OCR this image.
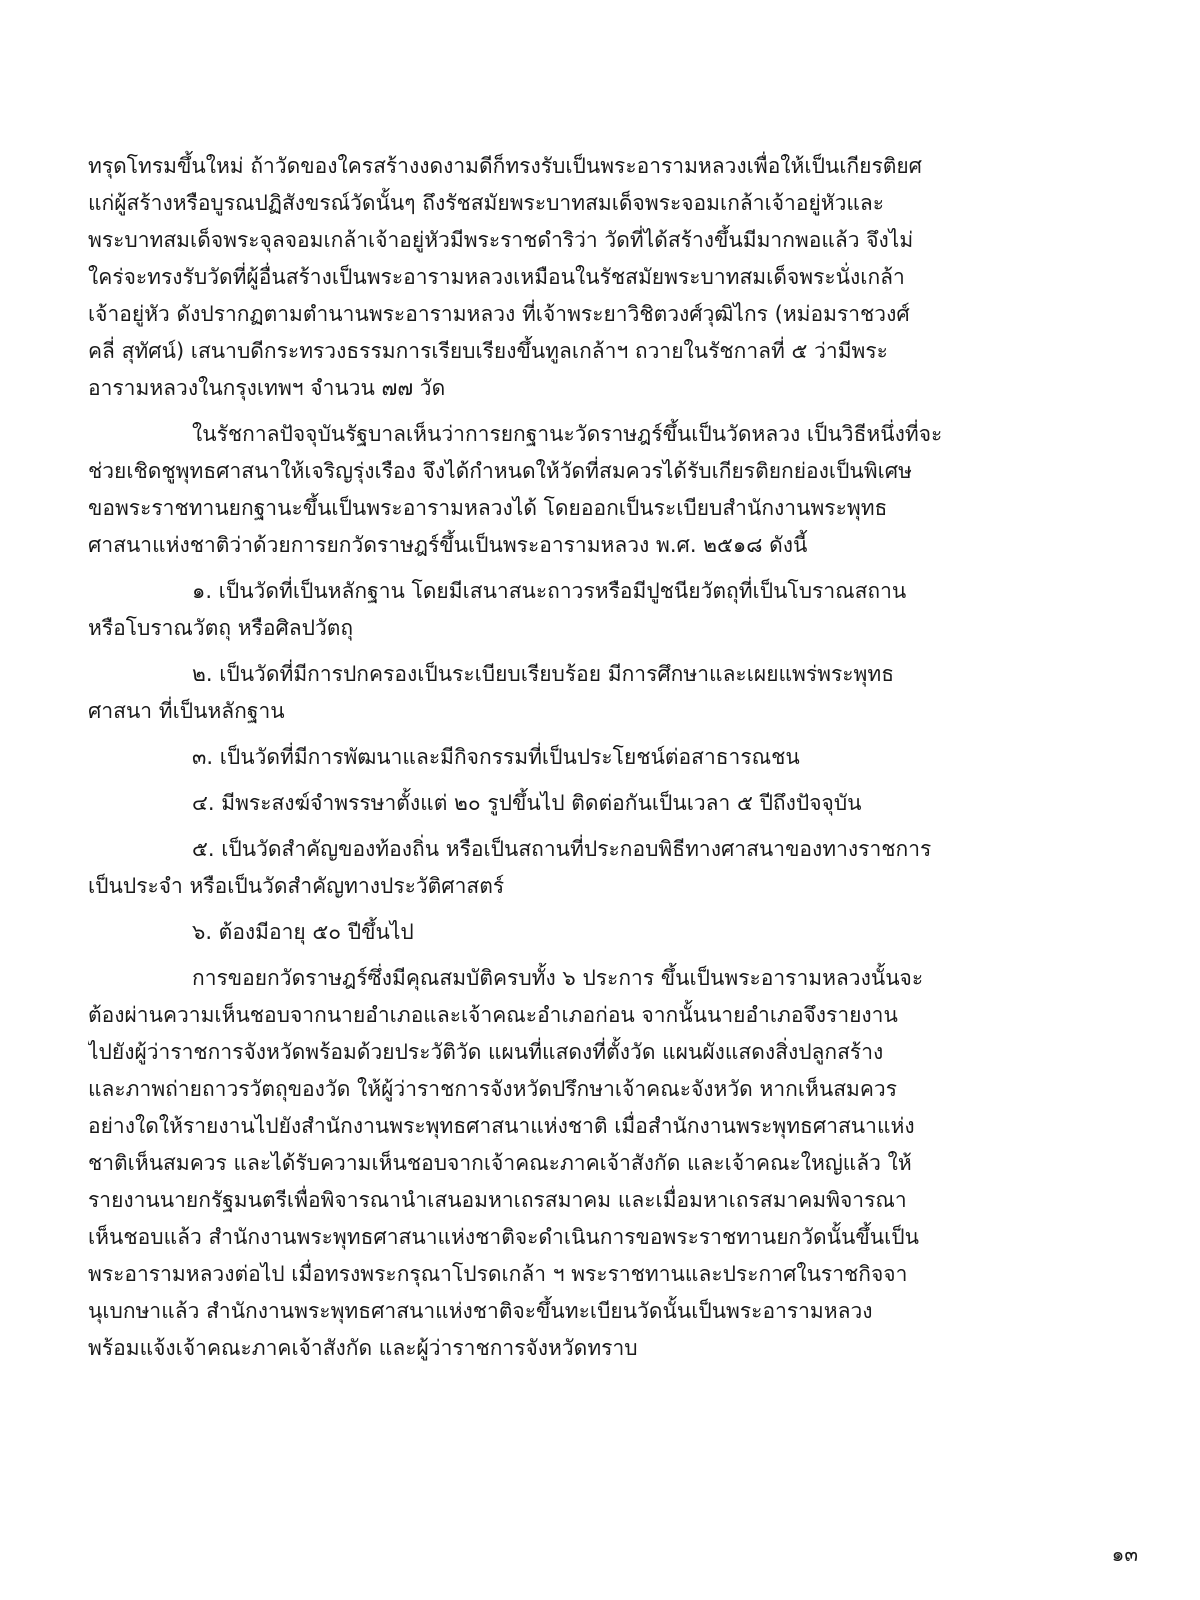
ทรุดโทรมขึ้นใหม่ ถ้าวัดของใครสร้างงดงามดีก็ทรงรับเป็นพระอารามหลวงเพื่อให้เป็นเกียรติยศ
แก่ผู้สร้างหรือบูรณปฏิสังขรณ์วัดนั้นๆ ถึงรัชสมัยพระบาทสมเด็จพระจอมเกล้าเจ้าอยู่หัวและ
พระบาทสมเด็จพระจุลจอมเกล้าเจ้าอยู่หัวมีพระราชดำริว่า วัดที่ได้สร้างขึ้นมีมากพอแล้ว จึงไม่
ใคร่จะทรงรับวัดที่ผู้อื่นสร้างเป็นพระอารามหลวงเหมือนในรัชสมัยพระบาทสมเด็จพระนั่งเกล้า
เจ้าอยู่หัว ดังปรากฏตามตำนานพระอารามหลวง ที่เจ้าพระยาวิชิตวงศ์วุฒิไกร (หม่อมราชวงศ์
คลี่ สุทัศน์) เสนาบดีกระทรวงธรรมการเรียบเรียงขึ้นทูลเกล้าฯ ถวายในรัชกาลที่ ๕ ว่ามีพระ
อารามหลวงในกรุงเทพฯ จำนวน ๗๗ วัด
ในรัชกาลปัจจุบันรัฐบาลเห็นว่าการยกฐานะวัดราษฎร์ขึ้นเป็นวัดหลวง เป็นวิธีหนึ่งที่จะ
ช่วยเชิดชูพุทธศาสนาให้เจริญรุ่งเรือง จึงได้กำหนดให้วัดที่สมควรได้รับเกียรติยกย่องเป็นพิเศษ
ขอพระราชทานยกฐานะขึ้นเป็นพระอารามหลวงได้ โดยออกเป็นระเบียบสำนักงานพระพุทธ
ศาสนาแห่งชาติว่าด้วยการยกวัดราษฎร์ขึ้นเป็นพระอารามหลวง พ.ศ. ๒๕๑๘ ดังนี้
๑. เป็นวัดที่เป็นหลักฐาน โดยมีเสนาสนะถาวรหรือมีปูชนียวัตถุที่เป็นโบราณสถาน
หรือโบราณวัตถุ หรือศิลปวัตถุ
๒. เป็นวัดที่มีการปกครองเป็นระเบียบเรียบร้อย มีการศึกษาและเผยแพร่พระพุทธ
ศาสนา ที่เป็นหลักฐาน
๓. เป็นวัดที่มีการพัฒนาและมีกิจกรรมที่เป็นประโยชน์ต่อสาธารณชน
๔. มีพระสงฆ์จำพรรษาตั้งแต่ ๒๐ รูปขึ้นไป ติดต่อกันเป็นเวลา ๕ ปีถึงปัจจุบัน
๕. เป็นวัดสำคัญของท้องถิ่น หรือเป็นสถานที่ประกอบพิธีทางศาสนาของทางราชการ
เป็นประจำ หรือเป็นวัดสำคัญทางประวัติศาสตร์
๖. ต้องมีอายุ ๕๐ ปีขึ้นไป
การขอยกวัดราษฎร์ซึ่งมีคุณสมบัติครบทั้ง ๖ ประการ ขึ้นเป็นพระอารามหลวงนั้นจะ
ต้องผ่านความเห็นชอบจากนายอำเภอและเจ้าคณะอำเภอก่อน จากนั้นนายอำเภอจึงรายงาน
ไปยังผู้ว่าราชการจังหวัดพร้อมด้วยประวัติวัด แผนที่แสดงที่ตั้งวัด แผนผังแสดงสิ่งปลูกสร้าง
และภาพถ่ายถาวรวัตถุของวัด ให้ผู้ว่าราชการจังหวัดปรึกษาเจ้าคณะจังหวัด หากเห็นสมควร
อย่างใดให้รายงานไปยังสำนักงานพระพุทธศาสนาแห่งชาติ เมื่อสำนักงานพระพุทธศาสนาแห่ง
ชาติเห็นสมควร และได้รับความเห็นชอบจากเจ้าคณะภาคเจ้าสังกัด และเจ้าคณะใหญ่แล้ว ให้
รายงานนายกรัฐมนตรีเพื่อพิจารณานำเสนอมหาเถรสมาคม และเมื่อมหาเถรสมาคมพิจารณา
เห็นชอบแล้ว สำนักงานพระพุทธศาสนาแห่งชาติจะดำเนินการขอพระราชทานยกวัดนั้นขึ้นเป็น
พระอารามหลวงต่อไป เมื่อทรงพระกรุณาโปรดเกล้า ฯ พระราชทานและประกาศในราชกิจจา
นุเบกษาแล้ว สำนักงานพระพุทธศาสนาแห่งชาติจะขึ้นทะเบียนวัดนั้นเป็นพระอารามหลวง
พร้อมแจ้งเจ้าคณะภาคเจ้าสังกัด และผู้ว่าราชการจังหวัดทราบ
๑๓
